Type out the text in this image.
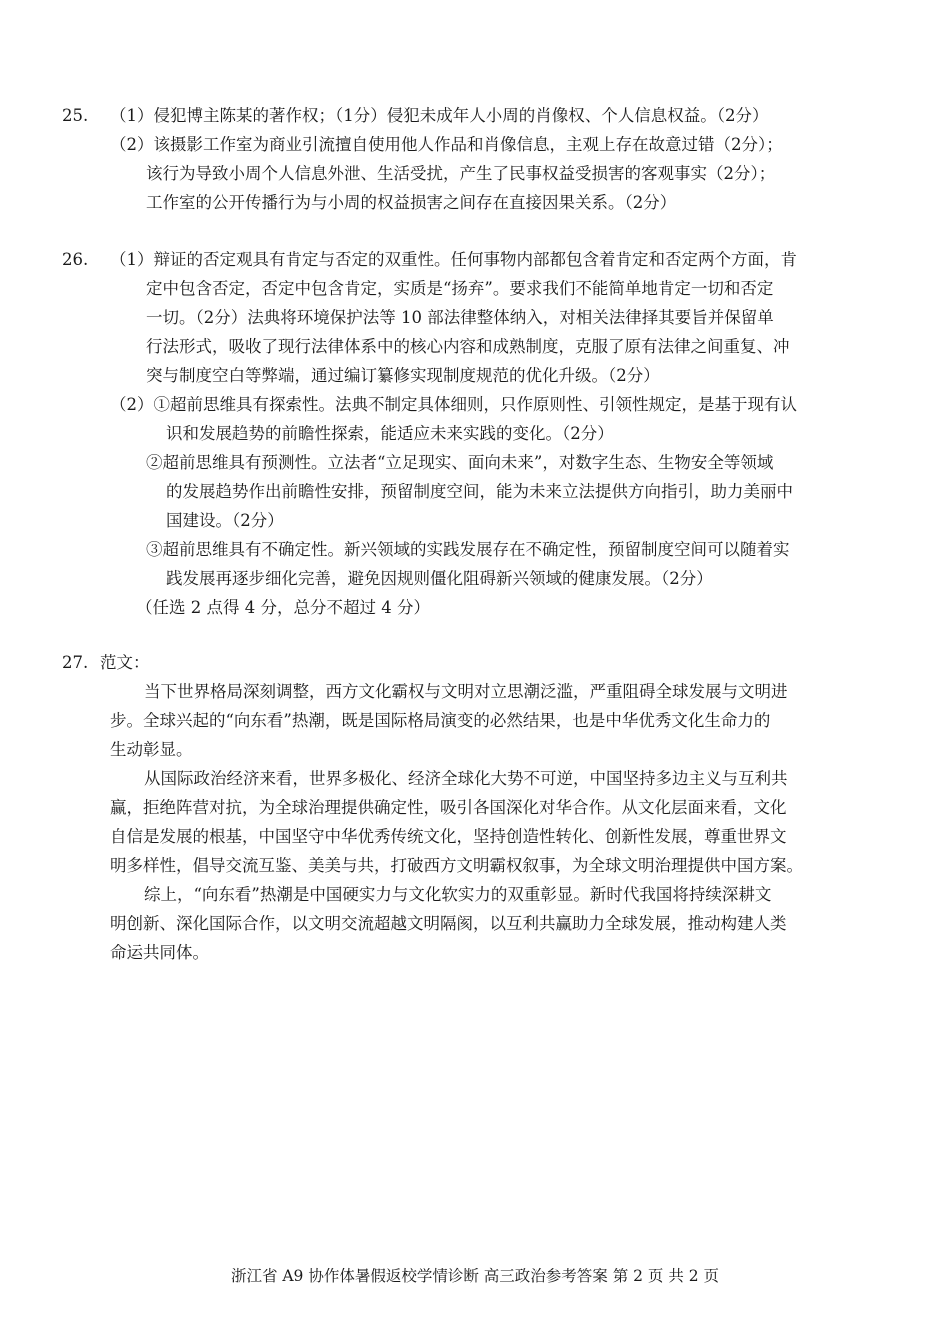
25. （1）侵犯博主陈某的著作权；（1分）侵犯未成年人小周的肖像权、个人信息权益。（2分）
（2）该摄影工作室为商业引流擅自使用他人作品和肖像信息，主观上存在故意过错（2分）；
该行为导致小周个人信息外泄、生活受扰，产生了民事权益受损害的客观事实（2分）；
工作室的公开传播行为与小周的权益损害之间存在直接因果关系。（2分）
26. （1）辩证的否定观具有肯定与否定的双重性。任何事物内部都包含着肯定和否定两个方面，肯
定中包含否定，否定中包含肯定，实质是“扬弃”。要求我们不能简单地肯定一切和否定
一切。（2分）法典将环境保护法等 10 部法律整体纳入，对相关法律择其要旨并保留单
行法形式，吸收了现行法律体系中的核心内容和成熟制度，克服了原有法律之间重复、冲
突与制度空白等弊端，通过编订纂修实现制度规范的优化升级。（2分）
（2）①超前思维具有探索性。法典不制定具体细则，只作原则性、引领性规定，是基于现有认
识和发展趋势的前瞻性探索，能适应未来实践的变化。（2分）
②超前思维具有预测性。立法者“立足现实、面向未来”，对数字生态、生物安全等领域
的发展趋势作出前瞻性安排，预留制度空间，能为未来立法提供方向指引，助力美丽中
国建设。（2分）
③超前思维具有不确定性。新兴领域的实践发展存在不确定性，预留制度空间可以随着实
践发展再逐步细化完善，避免因规则僵化阻碍新兴领域的健康发展。（2分）
（任选 2 点得 4 分，总分不超过 4 分）
27. 范文：
当下世界格局深刻调整，西方文化霸权与文明对立思潮泛滥，严重阻碍全球发展与文明进
步。全球兴起的“向东看”热潮，既是国际格局演变的必然结果，也是中华优秀文化生命力的
生动彰显。
从国际政治经济来看，世界多极化、经济全球化大势不可逆，中国坚持多边主义与互利共
赢，拒绝阵营对抗，为全球治理提供确定性，吸引各国深化对华合作。从文化层面来看，文化
自信是发展的根基，中国坚守中华优秀传统文化，坚持创造性转化、创新性发展，尊重世界文
明多样性，倡导交流互鉴、美美与共，打破西方文明霸权叙事，为全球文明治理提供中国方案。
综上，“向东看”热潮是中国硬实力与文化软实力的双重彰显。新时代我国将持续深耕文
明创新、深化国际合作，以文明交流超越文明隔阂，以互利共赢助力全球发展，推动构建人类
命运共同体。
浙江省 A9 协作体暑假返校学情诊断 高三政治参考答案 第 2 页 共 2 页
